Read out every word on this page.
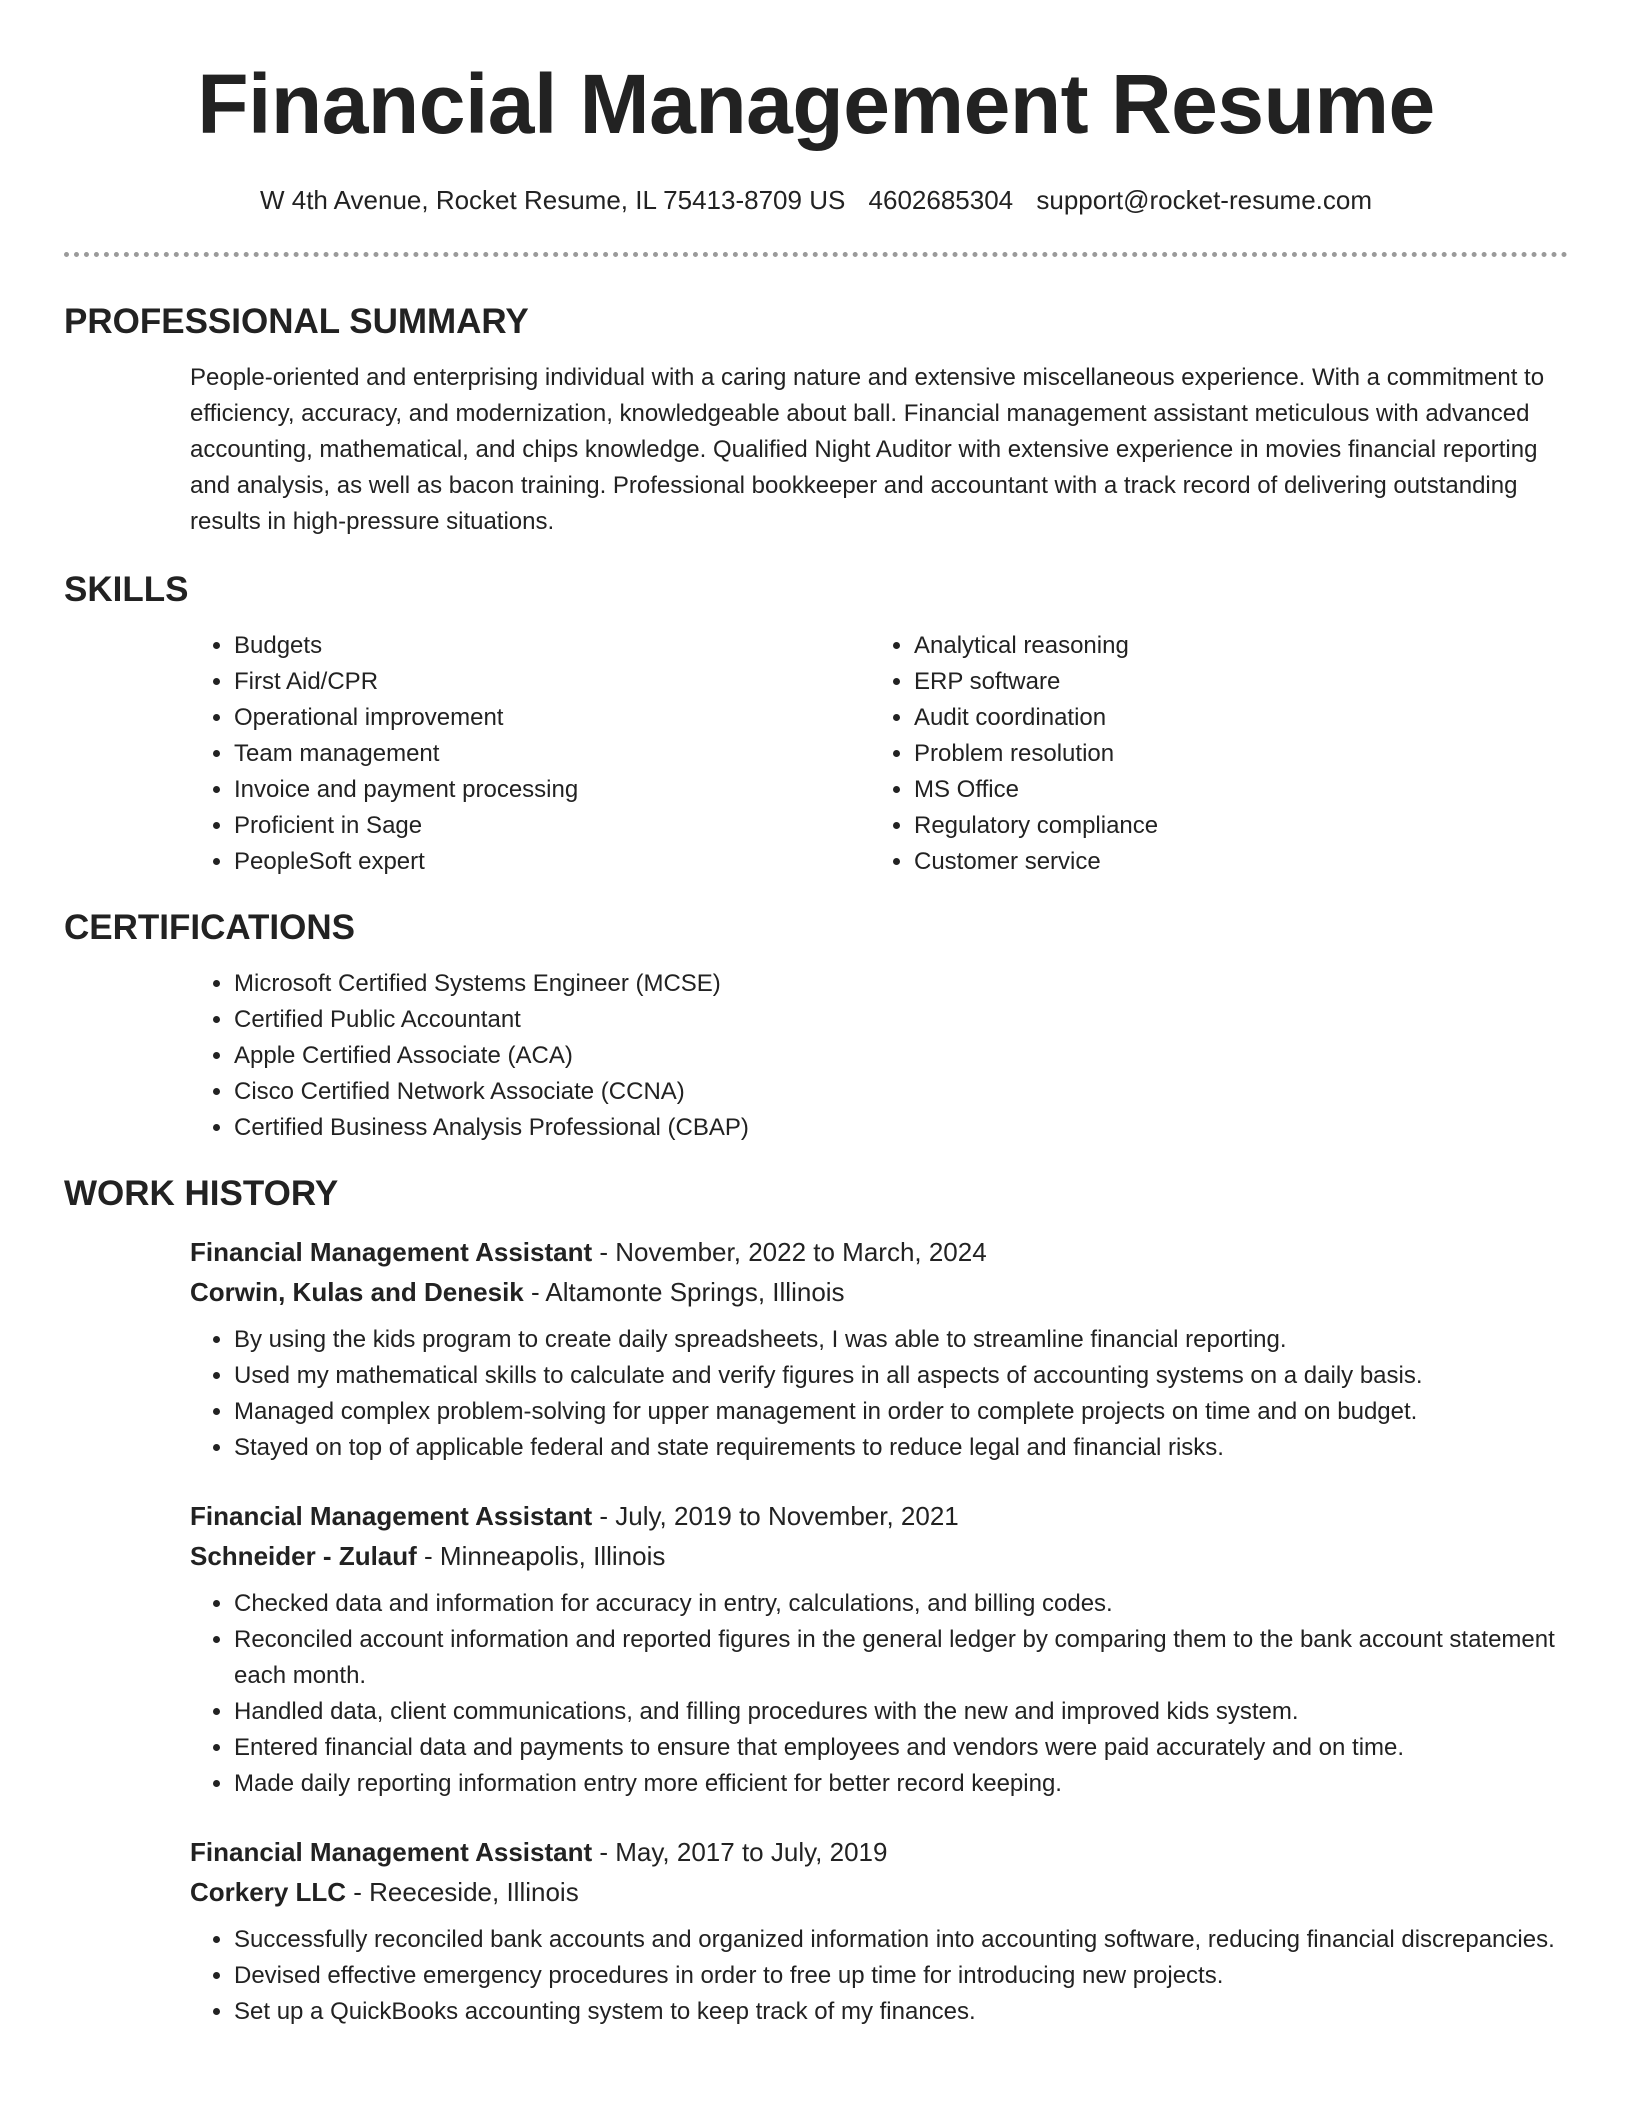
Financial Management Resume
W 4th Avenue, Rocket Resume, IL 75413-8709 US 4602685304 support@rocket-resume.com
PROFESSIONAL SUMMARY

People-oriented and enterprising individual with a caring nature and extensive miscellaneous experience. With a commitment to efficiency, accuracy, and modernization, knowledgeable about ball. Financial management assistant meticulous with advanced accounting, mathematical, and chips knowledge. Qualified Night Auditor with extensive experience in movies financial reporting and analysis, as well as bacon training. Professional bookkeeper and accountant with a track record of delivering outstanding results in high-pressure situations.

SKILLS
• Budgets
• First Aid/CPR
• Operational improvement
• Team management
• Invoice and payment processing
• Proficient in Sage
• PeopleSoft expert
• Analytical reasoning
• ERP software
• Audit coordination
• Problem resolution
• MS Office
• Regulatory compliance
• Customer service
CERTIFICATIONS
• Microsoft Certified Systems Engineer (MCSE)
• Certified Public Accountant
• Apple Certified Associate (ACA)
• Cisco Certified Network Associate (CCNA)
• Certified Business Analysis Professional (CBAP)
WORK HISTORY
Financial Management Assistant - November, 2022 to March, 2024
Corwin, Kulas and Denesik - Altamonte Springs, Illinois
• By using the kids program to create daily spreadsheets, I was able to streamline financial reporting.
• Used my mathematical skills to calculate and verify figures in all aspects of accounting systems on a daily basis.
• Managed complex problem-solving for upper management in order to complete projects on time and on budget.
• Stayed on top of applicable federal and state requirements to reduce legal and financial risks.
Financial Management Assistant - July, 2019 to November, 2021
Schneider - Zulauf - Minneapolis, Illinois
• Checked data and information for accuracy in entry, calculations, and billing codes.
• Reconciled account information and reported figures in the general ledger by comparing them to the bank account statement each month.
• Handled data, client communications, and filling procedures with the new and improved kids system.
• Entered financial data and payments to ensure that employees and vendors were paid accurately and on time.
• Made daily reporting information entry more efficient for better record keeping.
Financial Management Assistant - May, 2017 to July, 2019
Corkery LLC - Reeceside, Illinois
• Successfully reconciled bank accounts and organized information into accounting software, reducing financial discrepancies.
• Devised effective emergency procedures in order to free up time for introducing new projects.
• Set up a QuickBooks accounting system to keep track of my finances.
